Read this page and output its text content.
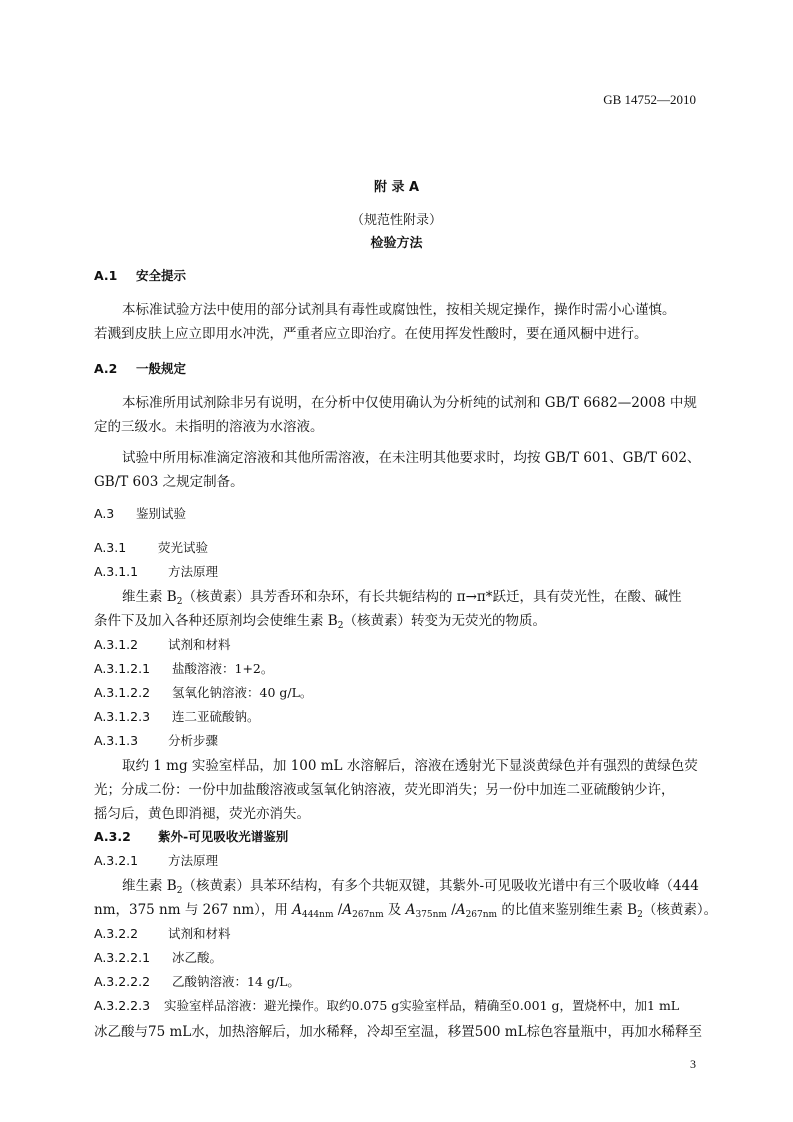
GB 14752—2010
附 录 A
（规范性附录）
检验方法
A.1 安全提示
本标准试验方法中使用的部分试剂具有毒性或腐蚀性，按相关规定操作，操作时需小心谨慎。
若溅到皮肤上应立即用水冲洗，严重者应立即治疗。在使用挥发性酸时，要在通风橱中进行。
A.2 一般规定
本标准所用试剂除非另有说明，在分析中仅使用确认为分析纯的试剂和 GB/T 6682—2008 中规
定的三级水。未指明的溶液为水溶液。
试验中所用标准滴定溶液和其他所需溶液，在未注明其他要求时，均按 GB/T 601、GB/T 602、
GB/T 603 之规定制备。
A.3 鉴别试验
A.3.1	荧光试验
A.3.1.1 方法原理
维生素 $B_2$（核黄素）具芳香环和杂环，有长共轭结构的 π→π*跃迁，具有荧光性，在酸、碱性
条件下及加入各种还原剂均会使维生素 $B_2$（核黄素）转变为无荧光的物质。
A.3.1.2 试剂和材料
A.3.1.2.1 盐酸溶液：1+2。
A.3.1.2.2 氢氧化钠溶液：40 g/L。
A.3.1.2.3 连二亚硫酸钠。
A.3.1.3 分析步骤
取约 1 mg 实验室样品，加 100 mL 水溶解后，溶液在透射光下显淡黄绿色并有强烈的黄绿色荧
光；分成二份：一份中加盐酸溶液或氢氧化钠溶液，荧光即消失；另一份中加连二亚硫酸钠少许，
摇匀后，黄色即消褪，荧光亦消失。
A.3.2 紫外-可见吸收光谱鉴别
A.3.2.1 方法原理
维生素 $B_2$（核黄素）具苯环结构，有多个共轭双键，其紫外-可见吸收光谱中有三个吸收峰（444
nm，375 nm 与 267 nm），用 $A_{444nm}$ $/A_{267nm}$ 及 $A_{375nm}$ $/A_{267nm}$ 的比值来鉴别维生素 $B_2$（核黄素）。
A.3.2.2 试剂和材料
A.3.2.2.1 冰乙酸。
A.3.2.2.2 乙酸钠溶液：14 g/L。
A.3.2.2.3 实验室样品溶液：避光操作。取约0.075 g实验室样品，精确至0.001 g，置烧杯中，加1 mL
冰乙酸与75 mL水，加热溶解后，加水稀释，冷却至室温，移置500 mL棕色容量瓶中，再加水稀释至
3
